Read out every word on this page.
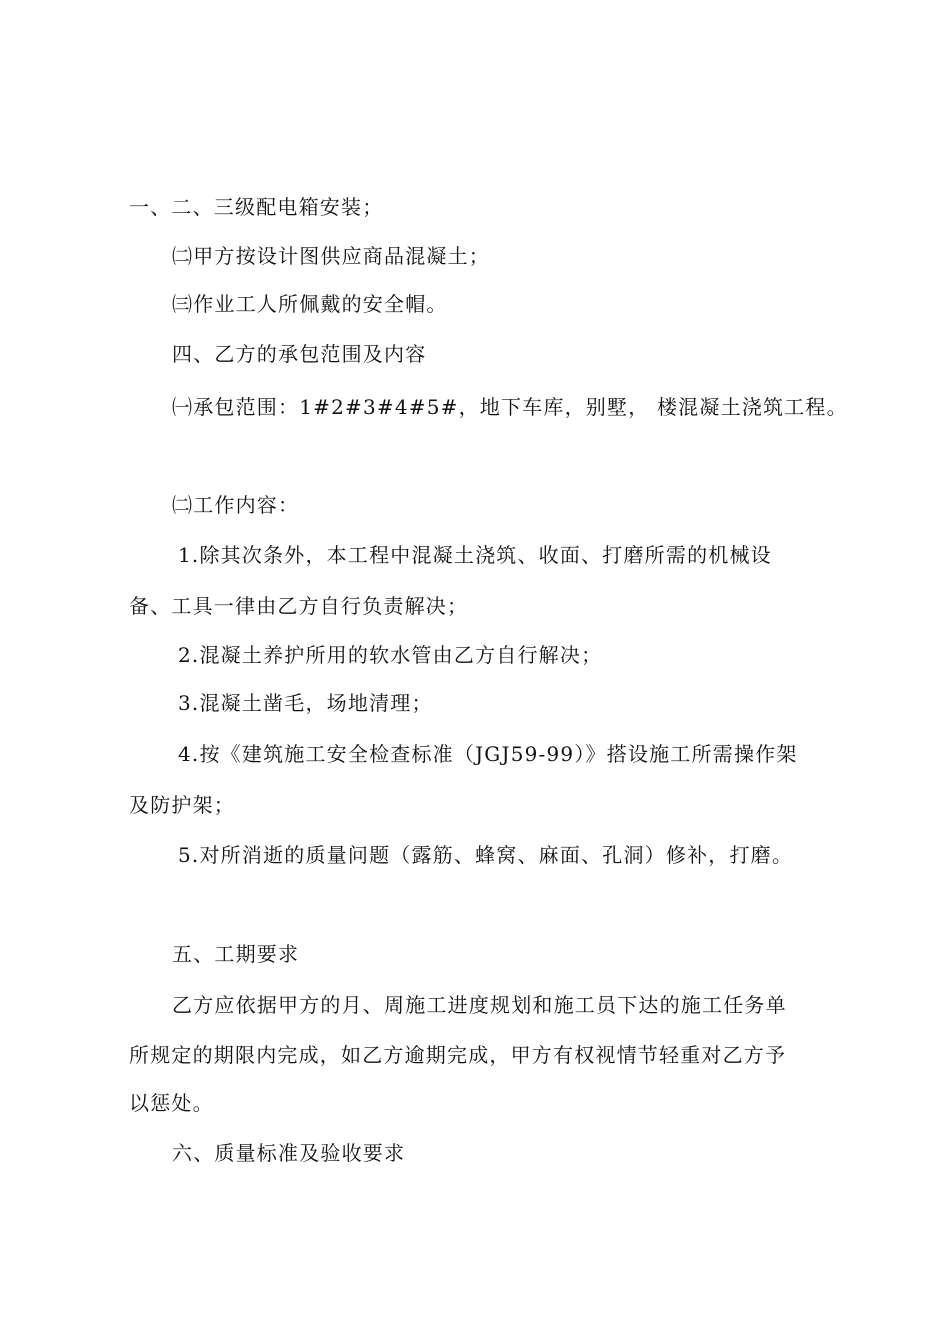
一、二、三级配电箱安装；
㈡甲方按设计图供应商品混凝土；
㈢作业工人所佩戴的安全帽。
四、乙方的承包范围及内容
㈠承包范围：1#2#3#4#5#，地下车库，别墅， 楼混凝土浇筑工程。
㈡工作内容：
1.除其次条外，本工程中混凝土浇筑、收面、打磨所需的机械设
备、工具一律由乙方自行负责解决；
2.混凝土养护所用的软水管由乙方自行解决；
3.混凝土凿毛，场地清理；
4.按《建筑施工安全检查标准（JGJ59-99）》搭设施工所需操作架
及防护架；
5.对所消逝的质量问题（露筋、蜂窝、麻面、孔洞）修补，打磨。
五、工期要求
乙方应依据甲方的月、周施工进度规划和施工员下达的施工任务单
所规定的期限内完成，如乙方逾期完成，甲方有权视情节轻重对乙方予
以惩处。
六、质量标准及验收要求
